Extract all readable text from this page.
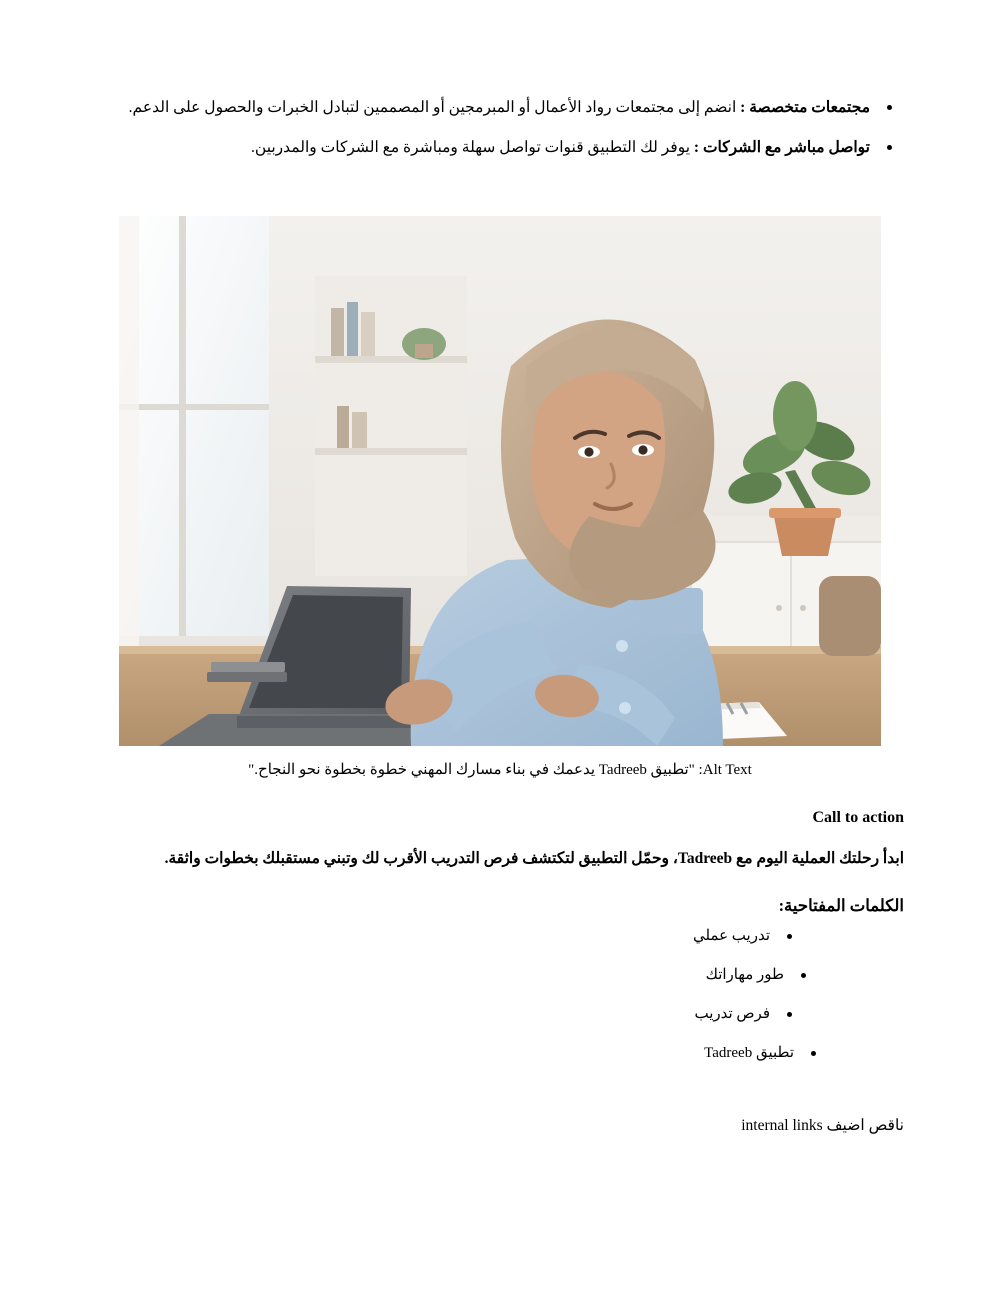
مجتمعات متخصصة : انضم إلى مجتمعات رواد الأعمال أو المبرمجين أو المصممين لتبادل الخبرات والحصول على الدعم.
تواصل مباشر مع الشركات : يوفر لك التطبيق قنوات تواصل سهلة ومباشرة مع الشركات والمدربين.
Alt Text: "تطبيق Tadreeb يدعمك في بناء مسارك المهني خطوة بخطوة نحو النجاح."
Call to action
ابدأ رحلتك العملية اليوم مع Tadreeb، وحمّل التطبيق لتكتشف فرص التدريب الأقرب لك وتبني مستقبلك بخطوات واثقة.
الكلمات المفتاحية:
تدريب عملي
طور مهاراتك
فرص تدريب
تطبيق Tadreeb
ناقص اضيف internal links
